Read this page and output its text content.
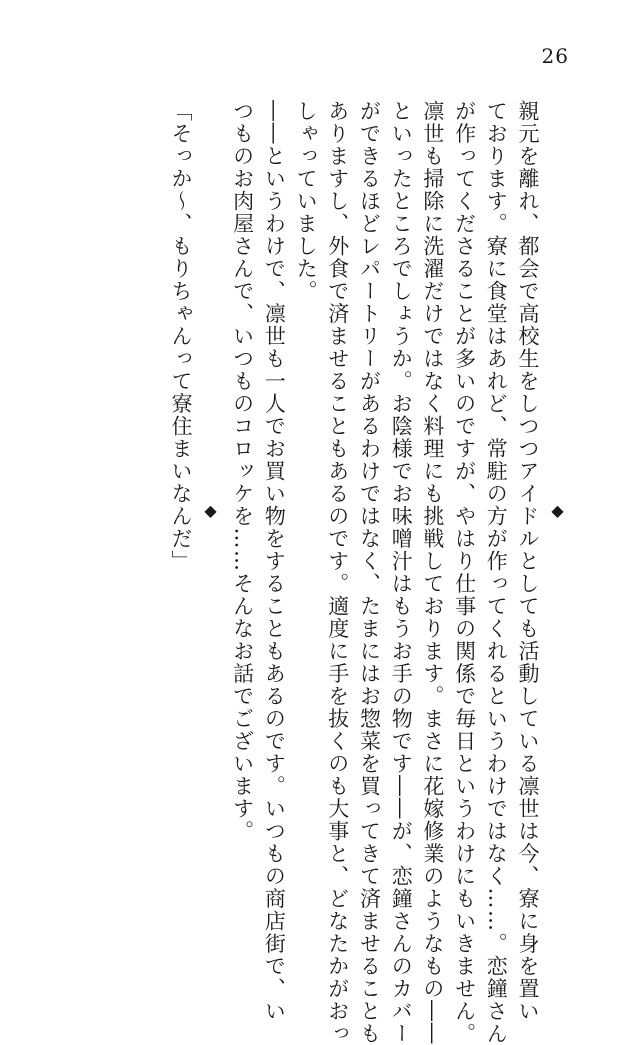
26
◆
親元を離れ、都会で高校生をしつつアイドルとしても活動している凛世は今、寮に身を置い
ております。寮に食堂はあれど、常駐の方が作ってくれるというわけではなく……。恋鐘さん
が作ってくださることが多いのですが、やはり仕事の関係で毎日というわけにもいきません。
凛世も掃除に洗濯だけではなく料理にも挑戦しております。まさに花嫁修業のようなもの――
といったところでしょうか。お陰様でお味噌汁はもうお手の物です――が、恋鐘さんのカバー
ができるほどレパートリーがあるわけではなく、たまにはお惣菜を買ってきて済ませることも
ありますし、外食で済ませることもあるのです。適度に手を抜くのも大事と、どなたかがおっ
しゃっていました。
――というわけで、凛世も一人でお買い物をすることもあるのです。いつもの商店街で、い
つものお肉屋さんで、いつものコロッケを……そんなお話でございます。
◆
「そっか～、もりちゃんって寮住まいなんだ」
